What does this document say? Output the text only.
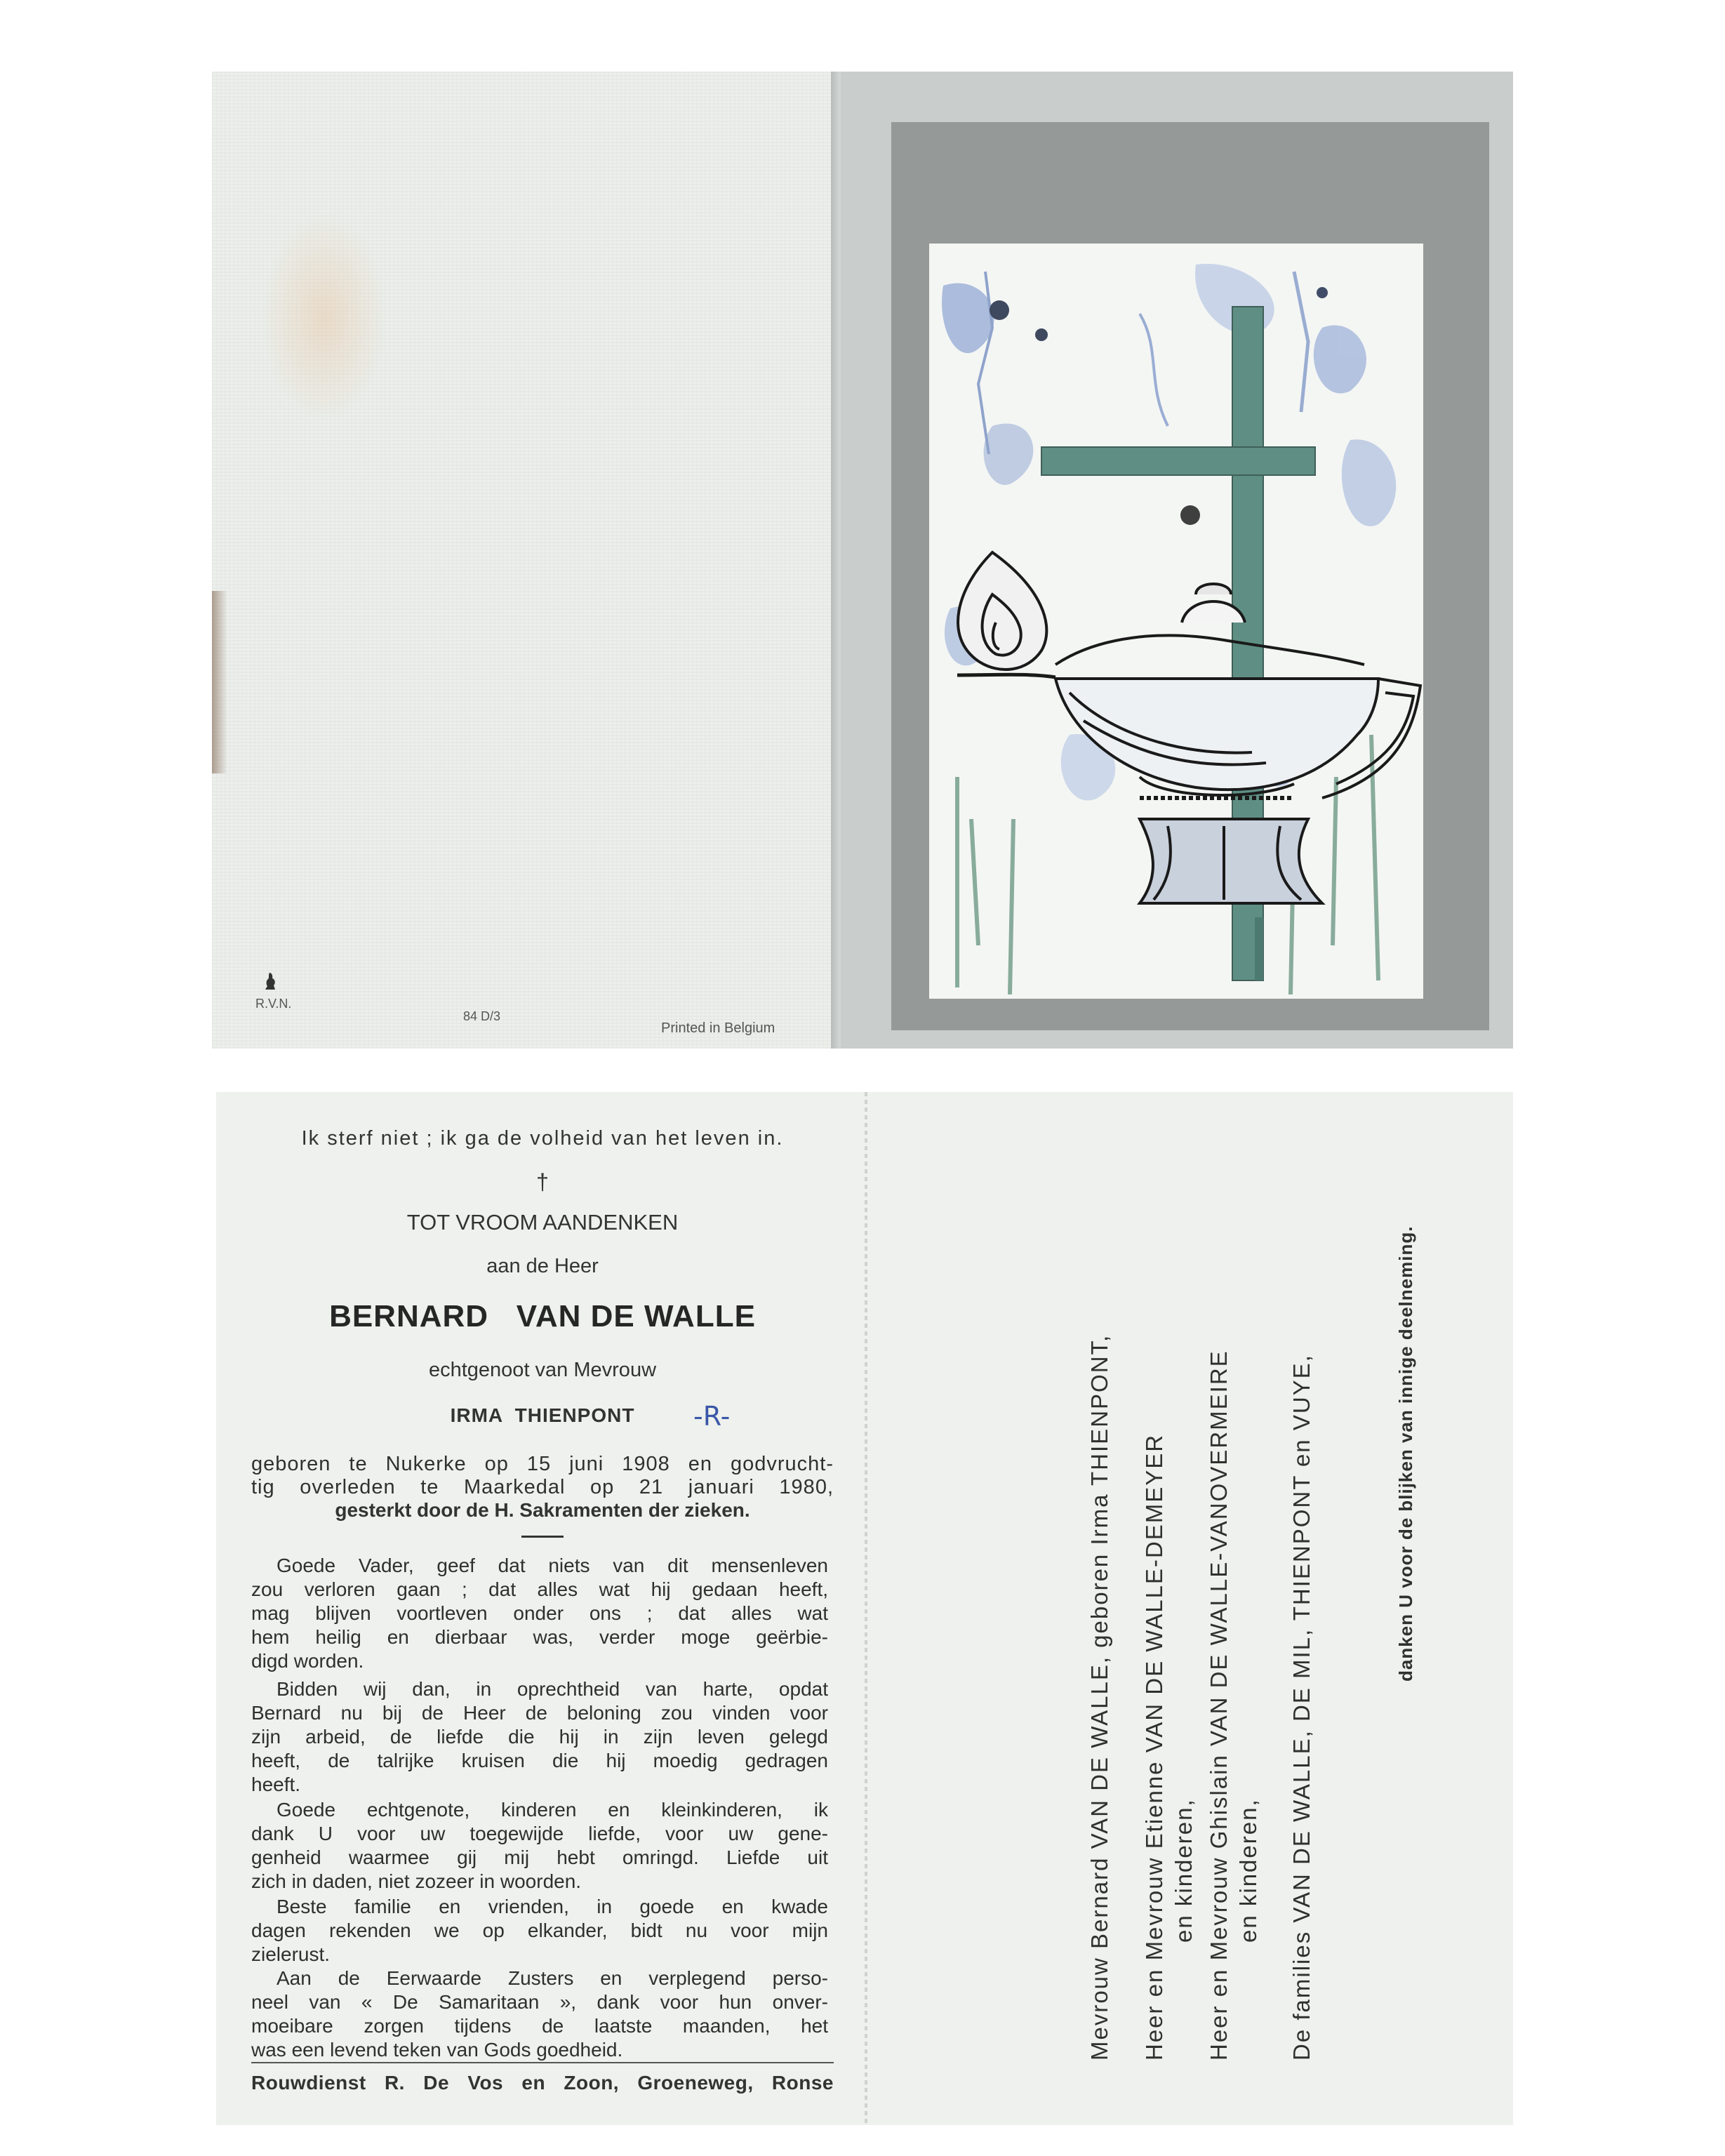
R.V.N.
84 D/3
Printed in Belgium
Ik sterf niet ; ik ga de volheid van het leven in.
†
TOT VROOM AANDENKEN
aan de Heer
BERNARD   VAN DE WALLE
echtgenoot van Mevrouw
IRMA  THIENPONT	-R-
geboren te Nukerke op 15 juni 1908 en godvrucht-
tig overleden te Maarkedal op 21 januari 1980,
gesterkt door de H. Sakramenten der zieken.
Goede Vader, geef dat niets van dit mensenleven
zou verloren gaan ; dat alles wat hij gedaan heeft,
mag blijven voortleven onder ons ; dat alles wat
hem heilig en dierbaar was, verder moge geërbie-
digd worden.
Bidden wij dan, in oprechtheid van harte, opdat
Bernard nu bij de Heer de beloning zou vinden voor
zijn arbeid, de liefde die hij in zijn leven gelegd
heeft, de talrijke kruisen die hij moedig gedragen
heeft.
Goede echtgenote, kinderen en kleinkinderen, ik
dank U voor uw toegewijde liefde, voor uw gene-
genheid waarmee gij mij hebt omringd. Liefde uit
zich in daden, niet zozeer in woorden.
Beste familie en vrienden, in goede en kwade
dagen rekenden we op elkander, bidt nu voor mijn
zielerust.
Aan de Eerwaarde Zusters en verplegend perso-
neel van « De Samaritaan », dank voor hun onver-
moeibare zorgen tijdens de laatste maanden, het
was een levend teken van Gods goedheid.
Rouwdienst R. De Vos en Zoon, Groeneweg, Ronse
Mevrouw Bernard VAN DE WALLE, geboren Irma THIENPONT, Heer en Mevrouw Etienne VAN DE WALLE-DEMEYER en kinderen, Heer en Mevrouw Ghislain VAN DE WALLE-VANOVERMEIRE en kinderen, De families VAN DE WALLE, DE MIL, THIENPONT en VUYE,	danken U voor de blijken van innige deelneming.
